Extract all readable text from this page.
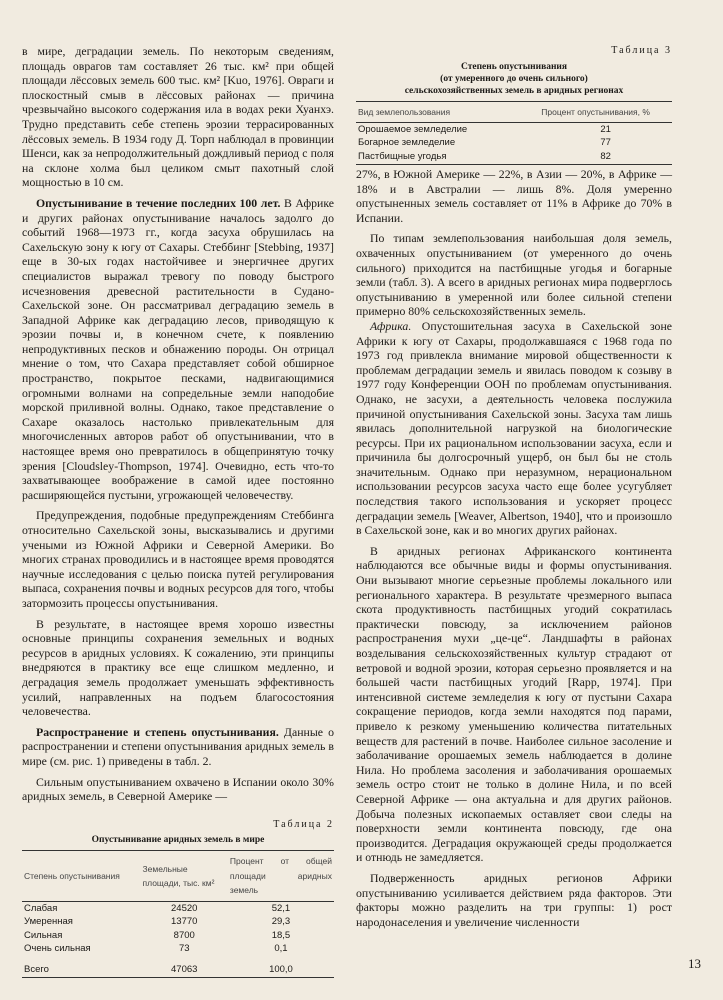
в мире, деградации земель. По некоторым сведениям, площадь оврагов там составляет 26 тыс. км² при общей площади лёссовых земель 600 тыс. км² [Kuo, 1976]. Овраги и плоскостный смыв в лёссовых районах — причина чрезвычайно высокого содержания ила в водах реки Хуанхэ. Трудно представить себе степень эрозии террасированных лёссовых земель. В 1934 году Д. Торп наблюдал в провинции Шенси, как за непродолжительный дождливый период с поля на склоне холма был целиком смыт пахотный слой мощностью в 10 см.

Опустынивание в течение последних 100 лет. В Африке и других районах опустынивание началось задолго до событий 1968—1973 гг., когда засуха обрушилась на Сахельскую зону к югу от Сахары. Стеббинг [Stebbing, 1937] еще в 30-ых годах настойчивее и энергичнее других специалистов выражал тревогу по поводу быстрого исчезновения древесной растительности в Судано-Сахельской зоне. Он рассматривал деградацию земель в Западной Африке как деградацию лесов, приводящую к эрозии почвы и, в конечном счете, к появлению непродуктивных песков и обнажению породы. Он отрицал мнение о том, что Сахара представляет собой обширное пространство, покрытое песками, надвигающимися огромными волнами на сопредельные земли наподобие морской приливной волны. Однако, такое представление о Сахаре оказалось настолько привлекательным для многочисленных авторов работ об опустынивании, что в настоящее время оно превратилось в общепринятую точку зрения [Cloudsley-Thompson, 1974]. Очевидно, есть что-то захватывающее воображение в самой идее постоянно расширяющейся пустыни, угрожающей человечеству.

Предупреждения, подобные предупреждениям Стеббинга относительно Сахельской зоны, высказывались и другими учеными из Южной Африки и Северной Америки. Во многих странах проводились и в настоящее время проводятся научные исследования с целью поиска путей регулирования выпаса, сохранения почвы и водных ресурсов для того, чтобы затормозить процессы опустынивания.

В результате, в настоящее время хорошо известны основные принципы сохранения земельных и водных ресурсов в аридных условиях. К сожалению, эти принципы внедряются в практику все еще слишком медленно, и деградация земель продолжает уменьшать эффективность усилий, направленных на подъем благосостояния человечества.

Распространение и степень опустынивания. Данные о распространении и степени опустынивания аридных земель в мире (см. рис. 1) приведены в табл. 2.

Сильным опустыниванием охвачено в Испании около 30% аридных земель, в Северной Америке —

Таблица 2
Опустынивание аридных земель в мире
Степень опустынивания	Земельные площади, тыс. км²	Процент от общей площади аридных земель
Слабая	24520	52,1
Умеренная	13770	29,3
Сильная	8700	18,5
Очень сильная	73	0,1
Всего	47063	100,0
Таблица 3
Степень опустынивания
(от умеренного до очень сильного)
сельскохозяйственных земель в аридных регионах
Вид землепользования	Процент опустынивания, %
Орошаемое земледелие	21
Богарное земледелие	77
Пастбищные угодья	82

27%, в Южной Америке — 22%, в Азии — 20%, в Африке — 18% и в Австралии — лишь 8%. Доля умеренно опустыненных земель составляет от 11% в Африке до 70% в Испании.

По типам землепользования наибольшая доля земель, охваченных опустыниванием (от умеренного до очень сильного) приходится на пастбищные угодья и богарные земли (табл. 3). А всего в аридных регионах мира подверглось опустыниванию в умеренной или более сильной степени примерно 80% сельскохозяйственных земель.

Африка. Опустошительная засуха в Сахельской зоне Африки к югу от Сахары, продолжавшаяся с 1968 года по 1973 год привлекла внимание мировой общественности к проблемам деградации земель и явилась поводом к созыву в 1977 году Конференции ООН по проблемам опустынивания. Однако, не засухи, а деятельность человека послужила причиной опустынивания Сахельской зоны. Засуха там лишь явилась дополнительной нагрузкой на биологические ресурсы. При их рациональном использовании засуха, если и причинила бы долгосрочный ущерб, он был бы не столь значительным. Однако при неразумном, нерациональном использовании ресурсов засуха часто еще более усугубляет последствия такого использования и ускоряет процесс деградации земель [Weaver, Albertson, 1940], что и произошло в Сахельской зоне, как и во многих других районах.

В аридных регионах Африканского континента наблюдаются все обычные виды и формы опустынивания. Они вызывают многие серьезные проблемы локального или регионального характера. В результате чрезмерного выпаса скота продуктивность пастбищных угодий сократилась практически повсюду, за исключением районов распространения мухи „це-це“. Ландшафты в районах возделывания сельскохозяйственных культур страдают от ветровой и водной эрозии, которая серьезно проявляется и на большей части пастбищных угодий [Rapp, 1974]. При интенсивной системе земледелия к югу от пустыни Сахара сокращение периодов, когда земли находятся под парами, привело к резкому уменьшению количества питательных веществ для растений в почве. Наиболее сильное засоление и заболачивание орошаемых земель наблюдается в долине Нила. Но проблема засоления и заболачивания орошаемых земель остро стоит не только в долине Нила, и по всей Северной Африке — она актуальна и для других районов. Добыча полезных ископаемых оставляет свои следы на поверхности земли континента повсюду, где она производится. Деградация окружающей среды продолжается и отнюдь не замедляется.

Подверженность аридных регионов Африки опустыниванию усиливается действием ряда факторов. Эти факторы можно разделить на три группы: 1) рост народонаселения и увеличение численности

13
